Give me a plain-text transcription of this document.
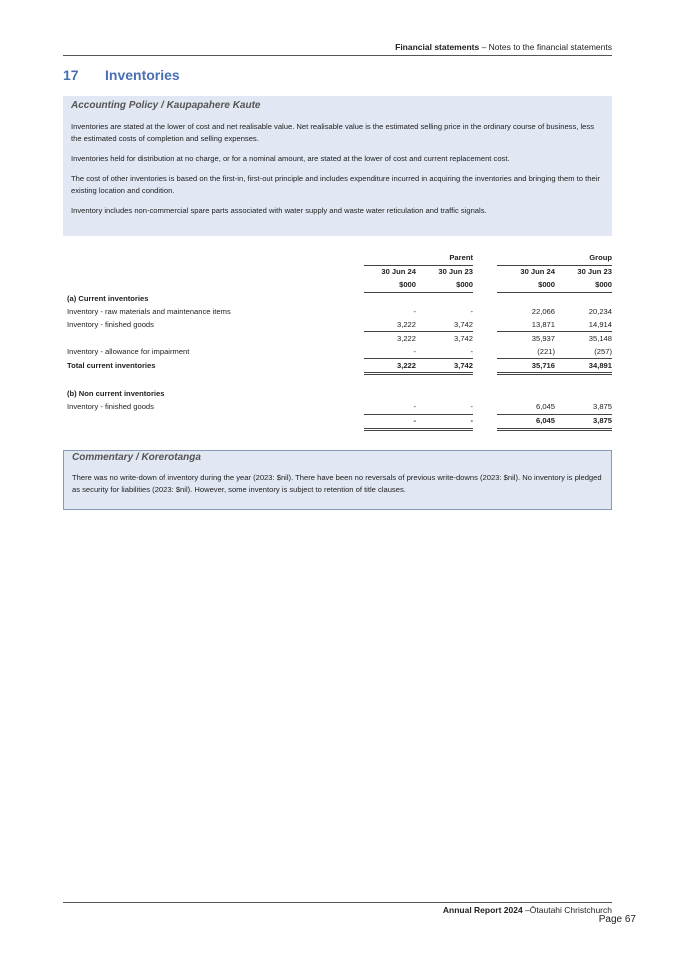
Financial statements – Notes to the financial statements
17 Inventories
Accounting Policy / Kaupapahere Kaute

Inventories are stated at the lower of cost and net realisable value. Net realisable value is the estimated selling price in the ordinary course of business, less the estimated costs of completion and selling expenses.

Inventories held for distribution at no charge, or for a nominal amount, are stated at the lower of cost and current replacement cost.

The cost of other inventories is based on the first-in, first-out principle and includes expenditure incurred in acquiring the inventories and bringing them to their existing location and condition.

Inventory includes non-commercial spare parts associated with water supply and waste water reticulation and traffic signals.

	Parent			Group	
	30 Jun 24	30 Jun 23		30 Jun 24	30 Jun 23
	$000	$000		$000	$000
(a) Current inventories					
Inventory - raw materials and maintenance items	-	-		22,066	20,234
Inventory - finished goods	3,222	3,742		13,871	14,914
	3,222	3,742		35,937	35,148
Inventory - allowance for impairment	-	-		(221)	(257)
Total current inventories	3,222	3,742		35,716	34,891

(b) Non current inventories					
Inventory - finished goods	-	-		6,045	3,875
	-	-		6,045	3,875
Commentary / Korerotanga

There was no write-down of inventory during the year (2023: $nil). There have been no reversals of previous write-downs (2023: $nil). No inventory is pledged as security for liabilities (2023: $nil). However, some inventory is subject to retention of title clauses.

Annual Report 2024 –Ōtautahi Christchurch
Page 67
